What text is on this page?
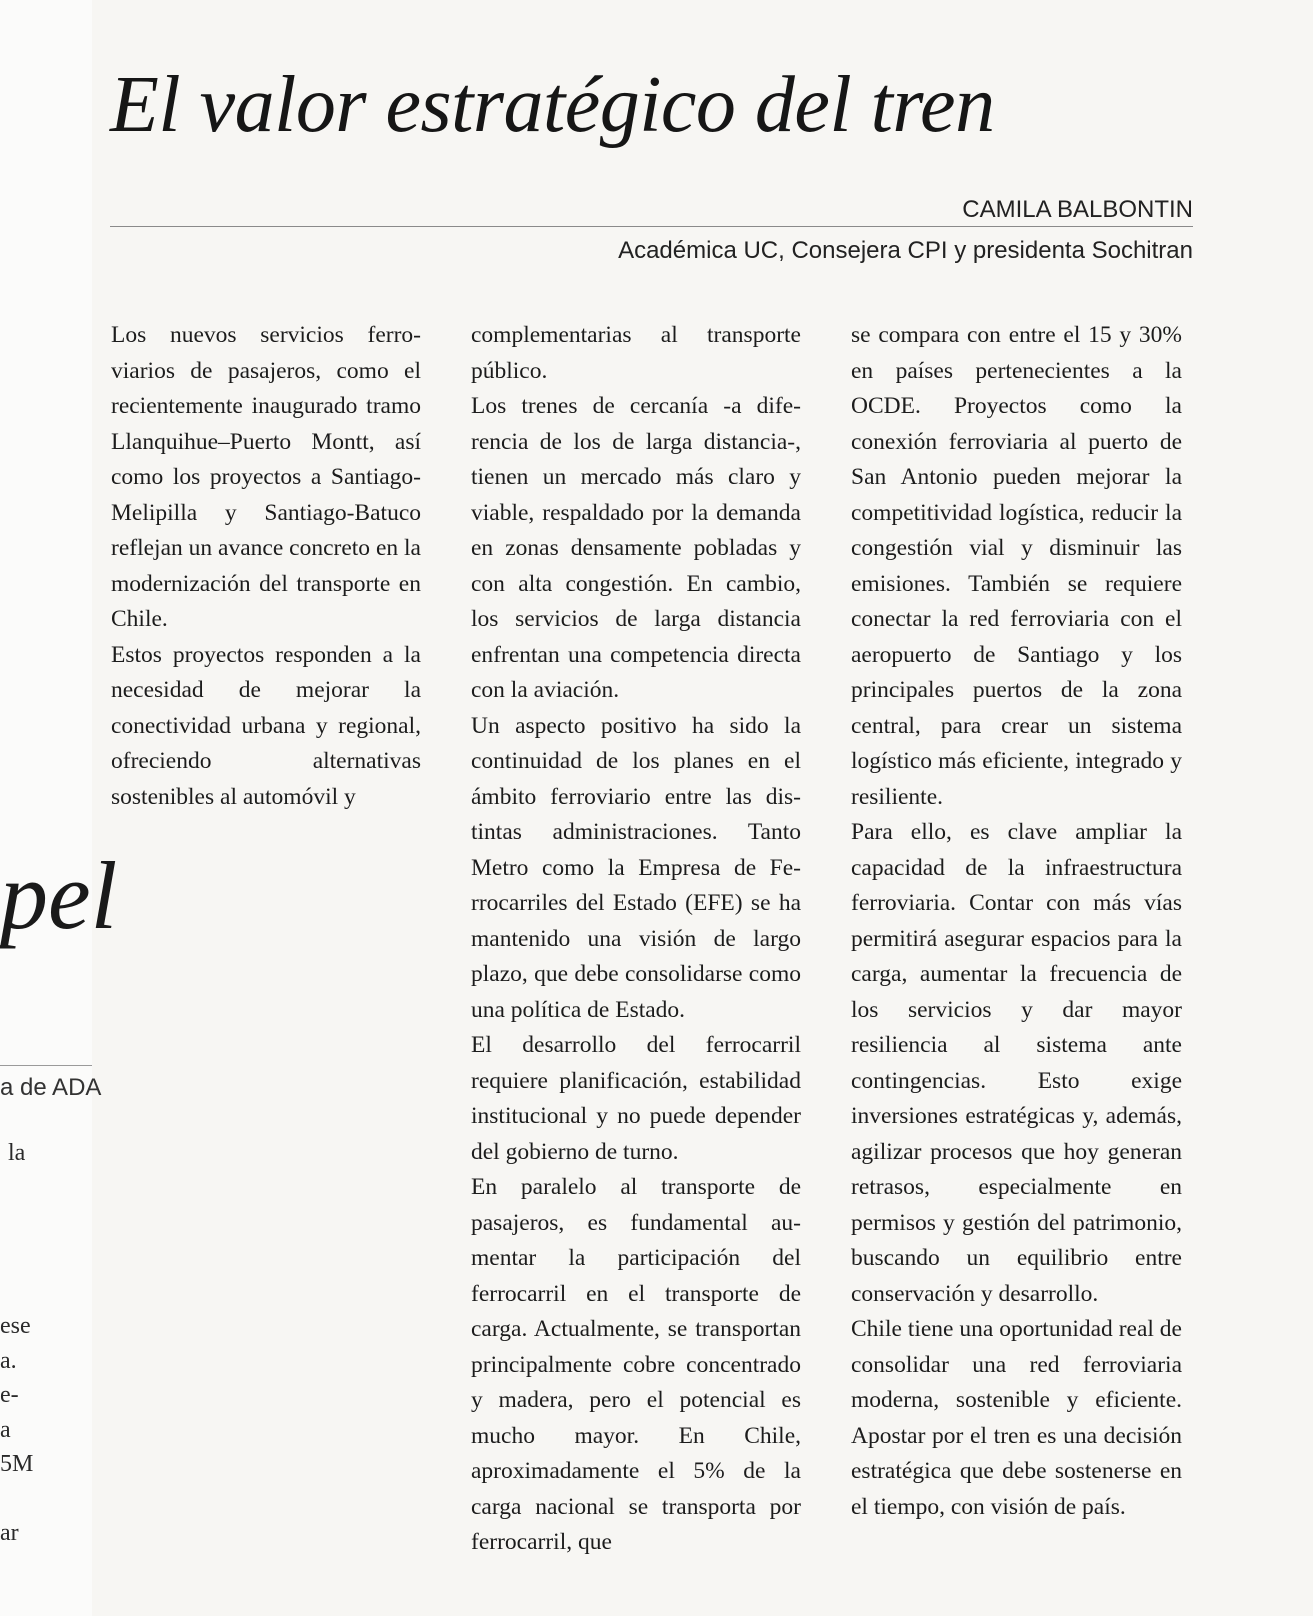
pel
a de ADA
la
ese
a.
e-
a
5M
ar
El valor estratégico del tren
CAMILA BALBONTIN
Académica UC, Consejera CPI y presidenta Sochitran

Los nuevos servicios ferroviarios de pasajeros, como el recientemente inaugurado tramo Llanquihue–Puerto Montt, así como los proyectos a Santiago-Melipilla y Santiago-Batuco reflejan un avance concreto en la modernización del transporte en Chile.

Estos proyectos responden a la necesidad de mejorar la conectividad urbana y regional, ofreciendo alternativas sostenibles al automóvil y

complementarias al transporte público.

Los trenes de cercanía -a diferencia de los de larga distancia-, tienen un mercado más claro y viable, respaldado por la demanda en zonas densamente pobladas y con alta congestión. En cambio, los servicios de larga distancia enfrentan una competencia directa con la aviación.

Un aspecto positivo ha sido la continuidad de los planes en el ámbito ferroviario entre las distintas administraciones. Tanto Metro como la Empresa de Ferrocarriles del Estado (EFE) se ha mantenido una visión de largo plazo, que debe consolidarse como una política de Estado.

El desarrollo del ferrocarril requiere planificación, estabilidad institucional y no puede depender del gobierno de turno.

En paralelo al transporte de pasajeros, es fundamental aumentar la participación del ferrocarril en el transporte de carga. Actualmente, se transportan principalmente cobre concentrado y madera, pero el potencial es mucho mayor. En Chile, aproximadamente el 5% de la carga nacional se transporta por ferrocarril, que

se compara con entre el 15 y 30% en países pertenecientes a la OCDE. Proyectos como la conexión ferroviaria al puerto de San Antonio pueden mejorar la competitividad logística, reducir la congestión vial y disminuir las emisiones. También se requiere conectar la red ferroviaria con el aeropuerto de Santiago y los principales puertos de la zona central, para crear un sistema logístico más eficiente, integrado y resiliente.

Para ello, es clave ampliar la capacidad de la infraestructura ferroviaria. Contar con más vías permitirá asegurar espacios para la carga, aumentar la frecuencia de los servicios y dar mayor resiliencia al sistema ante contingencias. Esto exige inversiones estratégicas y, además, agilizar procesos que hoy generan retrasos, especialmente en permisos y gestión del patrimonio, buscando un equilibrio entre conservación y desarrollo.

Chile tiene una oportunidad real de consolidar una red ferroviaria moderna, sostenible y eficiente. Apostar por el tren es una decisión estratégica que debe sostenerse en el tiempo, con visión de país.
